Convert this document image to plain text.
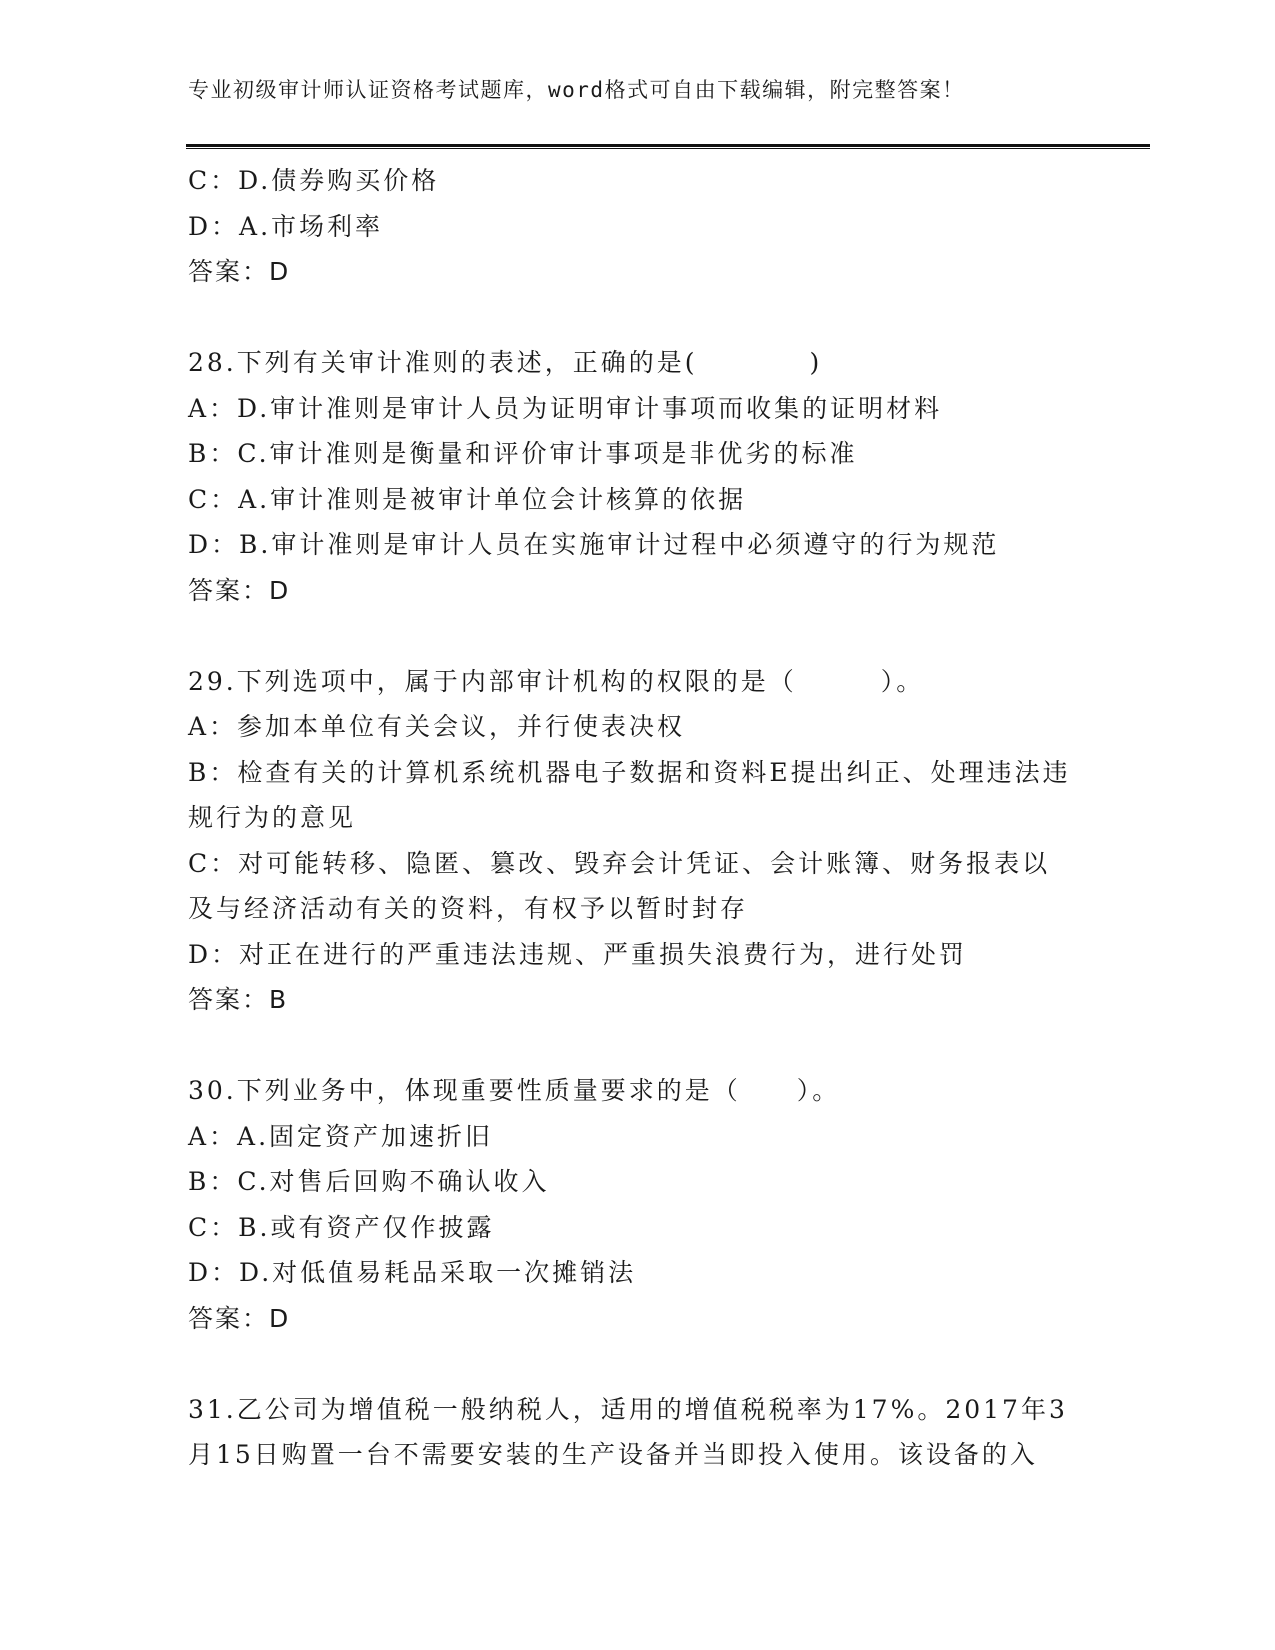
专业初级审计师认证资格考试题库，word格式可自由下载编辑，附完整答案！
C：D.债券购买价格
D：A.市场利率
答案：D
28.下列有关审计准则的表述，正确的是(　　　　)
A：D.审计准则是审计人员为证明审计事项而收集的证明材料
B：C.审计准则是衡量和评价审计事项是非优劣的标准
C：A.审计准则是被审计单位会计核算的依据
D：B.审计准则是审计人员在实施审计过程中必须遵守的行为规范
答案：D
29.下列选项中，属于内部审计机构的权限的是（　　　）。
A：参加本单位有关会议，并行使表决权
B：检查有关的计算机系统机器电子数据和资料E提出纠正、处理违法违规行为的意见
C：对可能转移、隐匿、篡改、毁弃会计凭证、会计账簿、财务报表以及与经济活动有关的资料，有权予以暂时封存
D：对正在进行的严重违法违规、严重损失浪费行为，进行处罚
答案：B
30.下列业务中，体现重要性质量要求的是（　　）。
A：A.固定资产加速折旧
B：C.对售后回购不确认收入
C：B.或有资产仅作披露
D：D.对低值易耗品采取一次摊销法
答案：D
31.乙公司为增值税一般纳税人，适用的增值税税率为17%。2017年3月15日购置一台不需要安装的生产设备并当即投入使用。该设备的入
